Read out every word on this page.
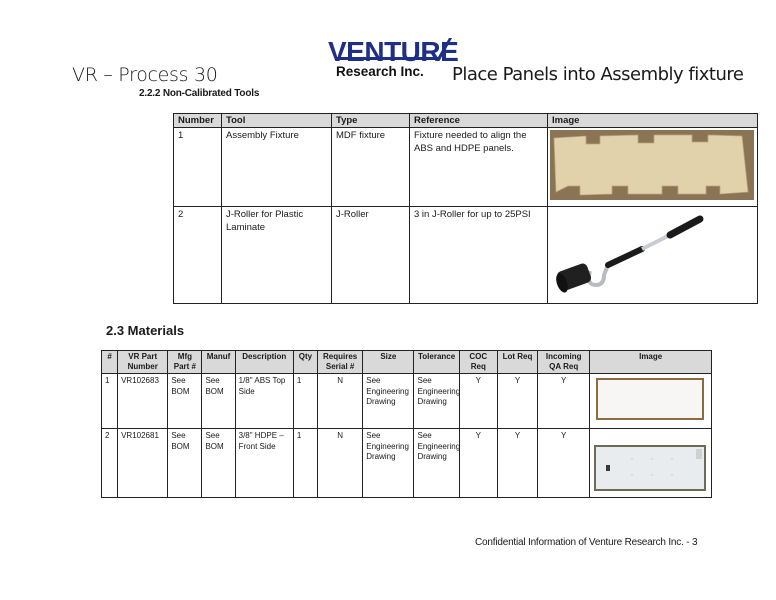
VR – Process 30
VENTURE
Research Inc. Place Panels into Assembly fixture
2.2.2 Non-Calibrated Tools
Number	Tool	Type	Reference	Image
1	Assembly Fixture	MDF fixture	Fixture needed to align the ABS and HDPE panels.	
2	J-Roller for Plastic Laminate	J-Roller	3 in J-Roller for up to 25PSI	
2.3 Materials
#	VR Part Number	Mfg Part #	Manuf	Description	Qty	Requires Serial #	Size	Tolerance	COC Req	Lot Req	Incoming QA Req	Image
1	VR102683	See BOM	See BOM	1/8" ABS Top Side	1	N	See Engineering Drawing	See Engineering Drawing	Y	Y	Y	
2	VR102681	See BOM	See BOM	3/8" HDPE – Front Side	1	N	See Engineering Drawing	See Engineering Drawing	Y	Y	Y	
Confidential Information of Venture Research Inc. - 3
